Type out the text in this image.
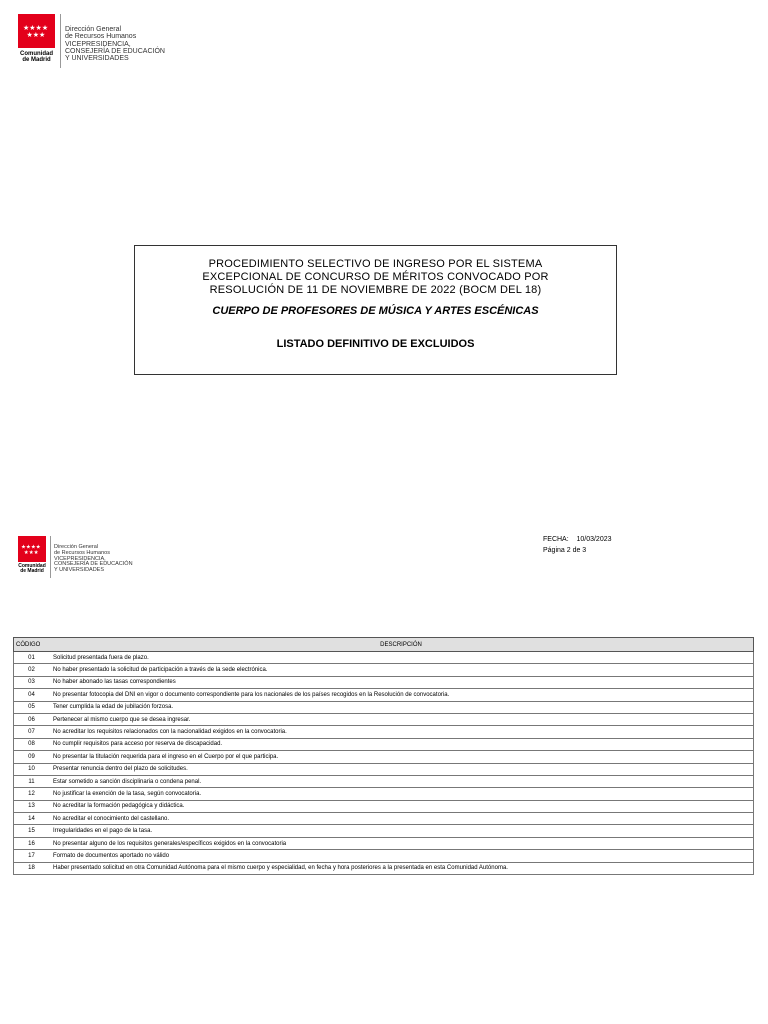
★★★★
★★★
Comunidad
de Madrid
Dirección General
de Recursos Humanos
VICEPRESIDENCIA,
CONSEJERÍA DE EDUCACIÓN
Y UNIVERSIDADES
PROCEDIMIENTO SELECTIVO DE INGRESO POR EL SISTEMA
EXCEPCIONAL DE CONCURSO DE MÉRITOS CONVOCADO POR
RESOLUCIÓN DE 11 DE NOVIEMBRE DE 2022 (BOCM DEL 18)
CUERPO DE PROFESORES DE MÚSICA Y ARTES ESCÉNICAS
LISTADO DEFINITIVO DE EXCLUIDOS
★★★★
★★★
Comunidad
de Madrid
Dirección General
de Recursos Humanos
VICEPRESIDENCIA,
CONSEJERÍA DE EDUCACIÓN
Y UNIVERSIDADES
FECHA: 10/03/2023
Página 2 de 3
CÓDIGO	DESCRIPCIÓN
01	Solicitud presentada fuera de plazo.
02	No haber presentado la solicitud de participación a través de la sede electrónica.
03	No haber abonado las tasas correspondientes
04	No presentar fotocopia del DNI en vigor o documento correspondiente para los nacionales de los países recogidos en la Resolución de convocatoria.
05	Tener cumplida la edad de jubilación forzosa.
06	Pertenecer al mismo cuerpo que se desea ingresar.
07	No acreditar los requisitos relacionados con la nacionalidad exigidos en la convocatoria.
08	No cumplir requisitos para acceso por reserva de discapacidad.
09	No presentar la titulación requerida para el ingreso en el Cuerpo por el que participa.
10	Presentar renuncia dentro del plazo de solicitudes.
11	Estar sometido a sanción disciplinaria o condena penal.
12	No justificar la exención de la tasa, según convocatoria.
13	No acreditar la formación pedagógica y didáctica.
14	No acreditar el conocimiento del castellano.
15	Irregularidades en el pago de la tasa.
16	No presentar alguno de los requisitos generales/específicos exigidos en la convocatoria
17	Formato de documentos aportado no válido
18	Haber presentado solicitud en otra Comunidad Autónoma para el mismo cuerpo y especialidad, en fecha y hora posteriores a la presentada en esta Comunidad Autónoma.
